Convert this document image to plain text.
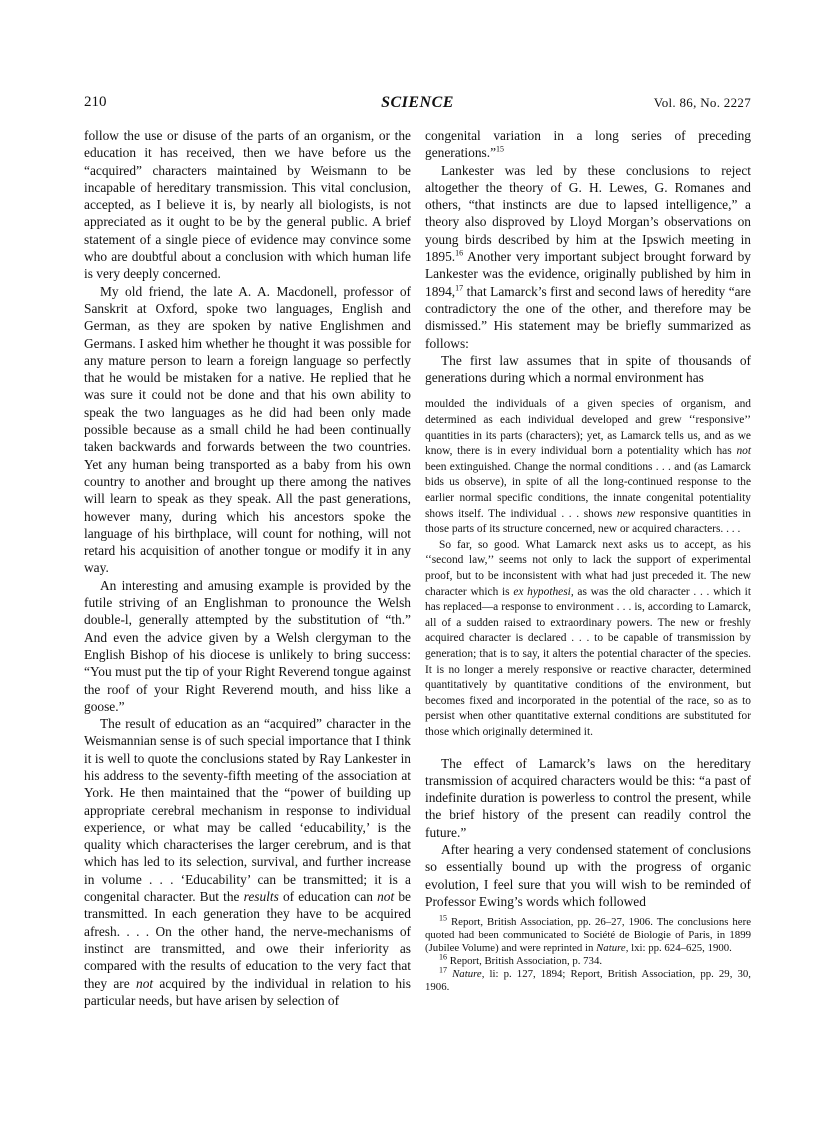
210	SCIENCE	Vol. 86, No. 2227

follow the use or disuse of the parts of an organism, or the education it has received, then we have before us the “acquired” characters maintained by Weismann to be incapable of hereditary transmission. This vital conclusion, accepted, as I believe it is, by nearly all biologists, is not appreciated as it ought to be by the general public. A brief statement of a single piece of evidence may convince some who are doubtful about a conclusion with which human life is very deeply concerned.

My old friend, the late A. A. Macdonell, professor of Sanskrit at Oxford, spoke two languages, English and German, as they are spoken by native Englishmen and Germans. I asked him whether he thought it was possible for any mature person to learn a foreign language so perfectly that he would be mistaken for a native. He replied that he was sure it could not be done and that his own ability to speak the two languages as he did had been only made possible because as a small child he had been continually taken backwards and forwards between the two countries. Yet any human being transported as a baby from his own country to another and brought up there among the natives will learn to speak as they speak. All the past generations, however many, during which his ancestors spoke the language of his birthplace, will count for nothing, will not retard his acquisition of another tongue or modify it in any way.

An interesting and amusing example is provided by the futile striving of an Englishman to pronounce the Welsh double-l, generally attempted by the substitution of “th.” And even the advice given by a Welsh clergyman to the English Bishop of his diocese is unlikely to bring success: “You must put the tip of your Right Reverend tongue against the roof of your Right Reverend mouth, and hiss like a goose.”

The result of education as an “acquired” character in the Weismannian sense is of such special importance that I think it is well to quote the conclusions stated by Ray Lankester in his address to the seventy-fifth meeting of the association at York. He then maintained that the “power of building up appropriate cerebral mechanism in response to individual experience, or what may be called ‘educability,’ is the quality which characterises the larger cerebrum, and is that which has led to its selection, survival, and further increase in volume . . . ‘Educability’ can be transmitted; it is a congenital character. But the results of education can not be transmitted. In each generation they have to be acquired afresh. . . . On the other hand, the nerve-mechanisms of instinct are transmitted, and owe their inferiority as compared with the results of education to the very fact that they are not acquired by the individual in relation to his particular needs, but have arisen by selection of

congenital variation in a long series of preceding generations.”$^{15}$

Lankester was led by these conclusions to reject altogether the theory of G. H. Lewes, G. Romanes and others, “that instincts are due to lapsed intelligence,” a theory also disproved by Lloyd Morgan’s observations on young birds described by him at the Ipswich meeting in 1895.16 Another very important subject brought forward by Lankester was the evidence, originally published by him in 1894,17 that Lamarck’s first and second laws of heredity “are contradictory the one of the other, and therefore may be dismissed.” His statement may be briefly summarized as follows:

The first law assumes that in spite of thousands of generations during which a normal environment has

moulded the individuals of a given species of organism, and determined as each individual developed and grew ‘‘responsive’’ quantities in its parts (characters); yet, as Lamarck tells us, and as we know, there is in every individual born a potentiality which has not been extinguished. Change the normal conditions . . . and (as Lamarck bids us observe), in spite of all the long-continued response to the earlier normal specific conditions, the innate congenital potentiality shows itself. The individual . . . shows new responsive quantities in those parts of its structure concerned, new or acquired characters. . . .

So far, so good. What Lamarck next asks us to accept, as his ‘‘second law,’’ seems not only to lack the support of experimental proof, but to be inconsistent with what had just preceded it. The new character which is ex hypothesi, as was the old character . . . which it has replaced—a response to environment . . . is, according to Lamarck, all of a sudden raised to extraordinary powers. The new or freshly acquired character is declared . . . to be capable of transmission by generation; that is to say, it alters the potential character of the species. It is no longer a merely responsive or reactive character, determined quantitatively by quantitative conditions of the environment, but becomes fixed and incorporated in the potential of the race, so as to persist when other quantitative external conditions are substituted for those which originally determined it.

The effect of Lamarck’s laws on the hereditary transmission of acquired characters would be this: “a past of indefinite duration is powerless to control the present, while the brief history of the present can readily control the future.”

After hearing a very condensed statement of conclusions so essentially bound up with the progress of organic evolution, I feel sure that you will wish to be reminded of Professor Ewing’s words which followed

$^{15}$ Report, British Association, pp. 26–27, 1906. The conclusions here quoted had been communicated to Société de Biologie of Paris, in 1899 (Jubilee Volume) and were reprinted in Nature, lxi: pp. 624–625, 1900.

$^{16}$ Report, British Association, p. 734.

$^{17}$ Nature, li: p. 127, 1894; Report, British Association, pp. 29, 30, 1906.
